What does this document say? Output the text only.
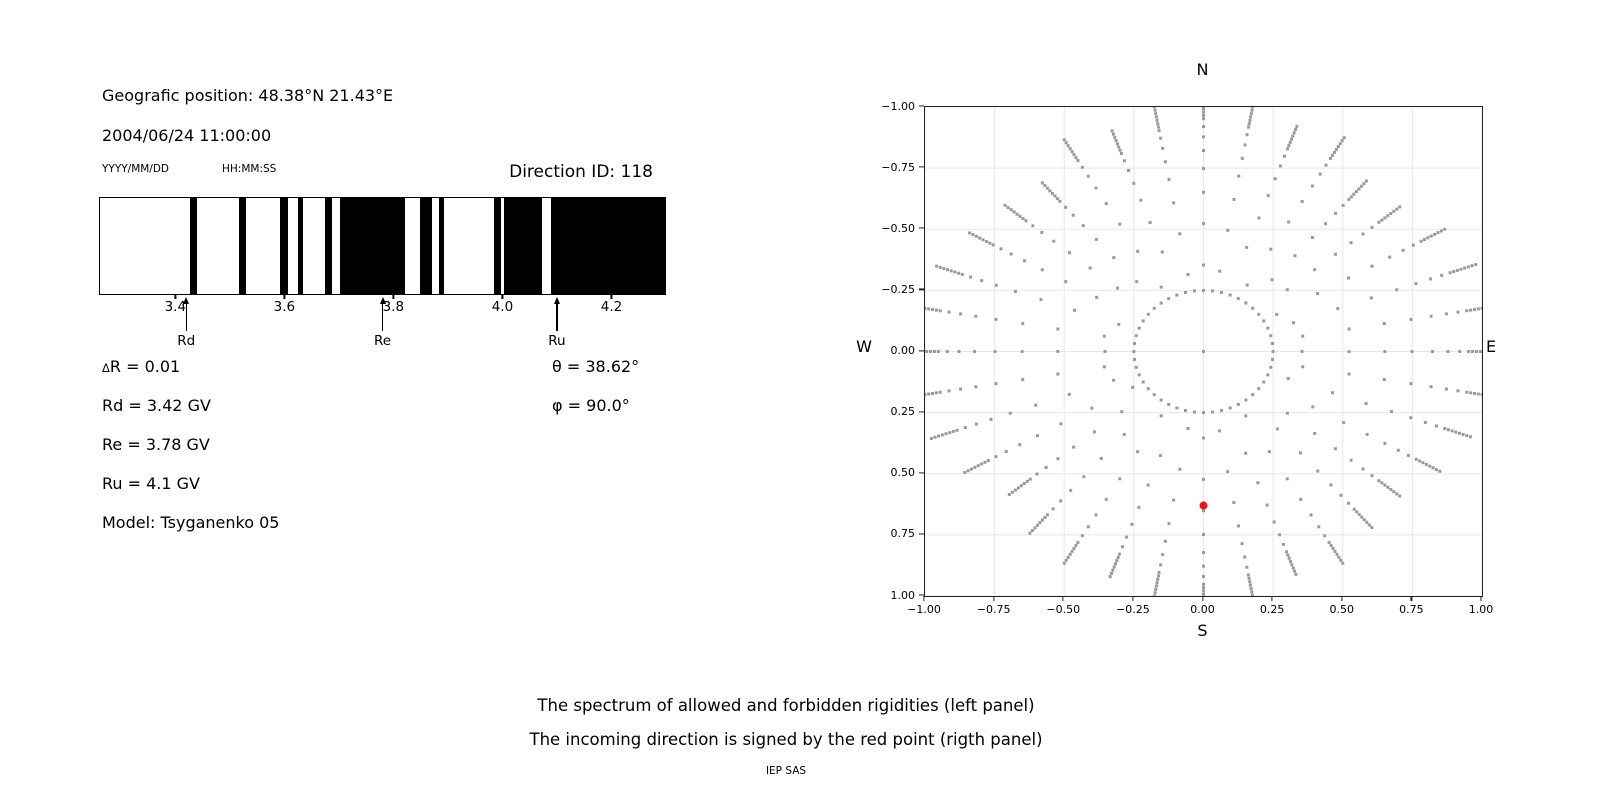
Geografic position: 48.38°N 21.43°E
2004/06/24 11:00:00
YYYY/MM/DD	HH:MM:SS	Direction ID: 118
3.4	3.6	3.8	4.0	4.2
Rd	Re	Ru
ΔR = 0.01
Rd = 3.42 GV
Re = 3.78 GV
Ru = 4.1 GV
Model: Tsyganenko 05
θ = 38.62°
φ = 90.0°
−1.00	−0.75	−0.50	−0.25	0.00	0.25	0.50	0.75	1.00
−1.00
−0.75
−0.50
−0.25
0.00
0.25
0.50
0.75
1.00
N
S
W	E
The spectrum of allowed and forbidden rigidities (left panel)
The incoming direction is signed by the red point (rigth panel)
IEP SAS
